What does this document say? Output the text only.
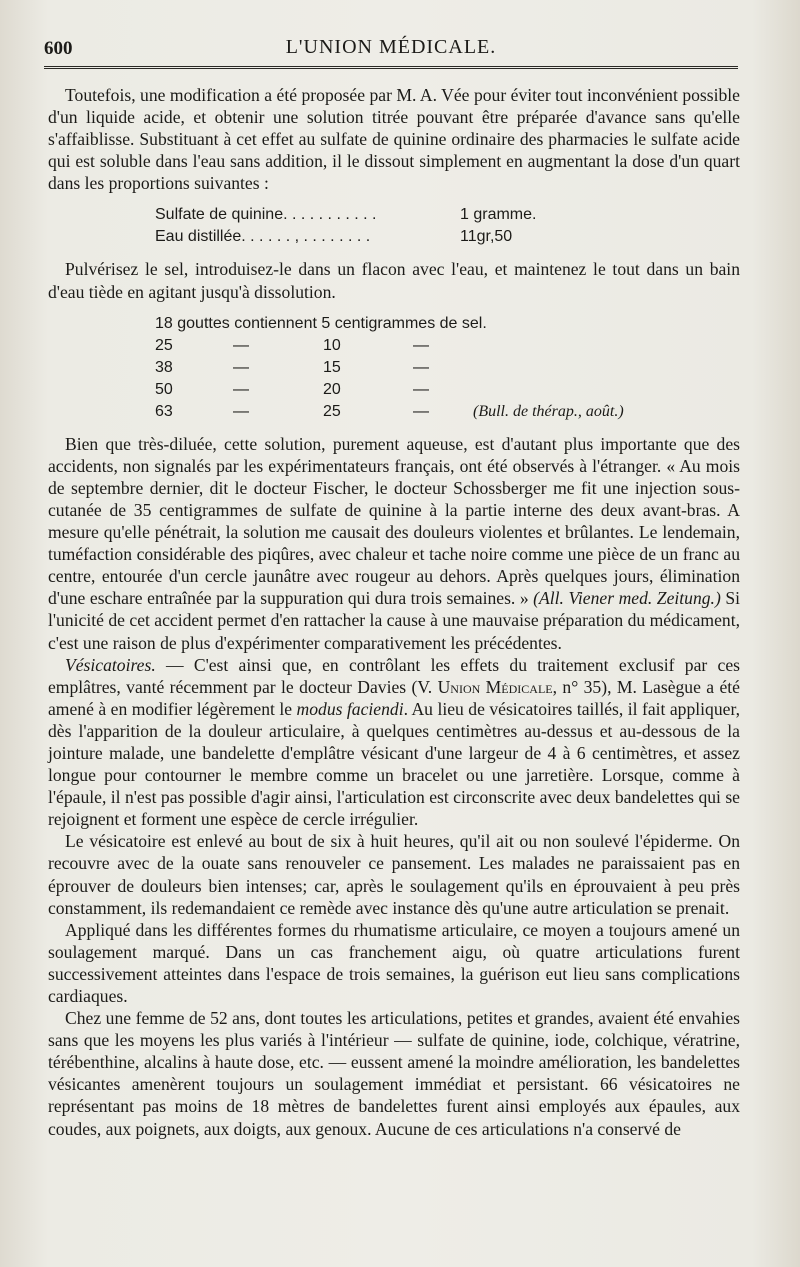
600	L'UNION MÉDICALE.

Toutefois, une modification a été proposée par M. A. Vée pour éviter tout inconvénient possible d'un liquide acide, et obtenir une solution titrée pouvant être préparée d'avance sans qu'elle s'affaiblisse. Substituant à cet effet au sulfate de quinine ordinaire des pharmacies le sulfate acide qui est soluble dans l'eau sans addition, il le dissout simplement en augmentant la dose d'un quart dans les proportions suivantes :

Sulfate de quinine. . . . . . . . . . .	1 gramme.
Eau distillée. . . . . . , . . . . . . . .	11gr,50

Pulvérisez le sel, introduisez-le dans un flacon avec l'eau, et maintenez le tout dans un bain d'eau tiède en agitant jusqu'à dissolution.

18 gouttes
contiennent
5 centigrammes de sel.
25	—	10	—
38	—	15	—
50	—	20	—
63	—	25	—	(Bull. de thérap., août.)

Bien que très-diluée, cette solution, purement aqueuse, est d'autant plus importante que des accidents, non signalés par les expérimentateurs français, ont été observés à l'étranger. « Au mois de septembre dernier, dit le docteur Fischer, le docteur Schossberger me fit une injection sous-cutanée de 35 centigrammes de sulfate de quinine à la partie interne des deux avant-bras. A mesure qu'elle pénétrait, la solution me causait des douleurs violentes et brûlantes. Le lendemain, tuméfaction considérable des piqûres, avec chaleur et tache noire comme une pièce de un franc au centre, entourée d'un cercle jaunâtre avec rougeur au dehors. Après quelques jours, élimination d'une eschare entraînée par la suppuration qui dura trois semaines. » (All. Viener med. Zeitung.) Si l'unicité de cet accident permet d'en rattacher la cause à une mauvaise préparation du médicament, c'est une raison de plus d'expérimenter comparativement les précédentes.

Vésicatoires. — C'est ainsi que, en contrôlant les effets du traitement exclusif par ces emplâtres, vanté récemment par le docteur Davies (V. Union Médicale, n° 35), M. Lasègue a été amené à en modifier légèrement le modus faciendi. Au lieu de vésicatoires taillés, il fait appliquer, dès l'apparition de la douleur articulaire, à quelques centimètres au-dessus et au-dessous de la jointure malade, une bandelette d'emplâtre vésicant d'une largeur de 4 à 6 centimètres, et assez longue pour contourner le membre comme un bracelet ou une jarretière. Lorsque, comme à l'épaule, il n'est pas possible d'agir ainsi, l'articulation est circonscrite avec deux bandelettes qui se rejoignent et forment une espèce de cercle irrégulier.

Le vésicatoire est enlevé au bout de six à huit heures, qu'il ait ou non soulevé l'épiderme. On recouvre avec de la ouate sans renouveler ce pansement. Les malades ne paraissaient pas en éprouver de douleurs bien intenses; car, après le soulagement qu'ils en éprouvaient à peu près constamment, ils redemandaient ce remède avec instance dès qu'une autre articulation se prenait.

Appliqué dans les différentes formes du rhumatisme articulaire, ce moyen a toujours amené un soulagement marqué. Dans un cas franchement aigu, où quatre articulations furent successivement atteintes dans l'espace de trois semaines, la guérison eut lieu sans complications cardiaques.

Chez une femme de 52 ans, dont toutes les articulations, petites et grandes, avaient été envahies sans que les moyens les plus variés à l'intérieur — sulfate de quinine, iode, colchique, vératrine, térébenthine, alcalins à haute dose, etc. — eussent amené la moindre amélioration, les bandelettes vésicantes amenèrent toujours un soulagement immédiat et persistant. 66 vésicatoires ne représentant pas moins de 18 mètres de bandelettes furent ainsi employés aux épaules, aux coudes, aux poignets, aux doigts, aux genoux. Aucune de ces articulations n'a conservé de
